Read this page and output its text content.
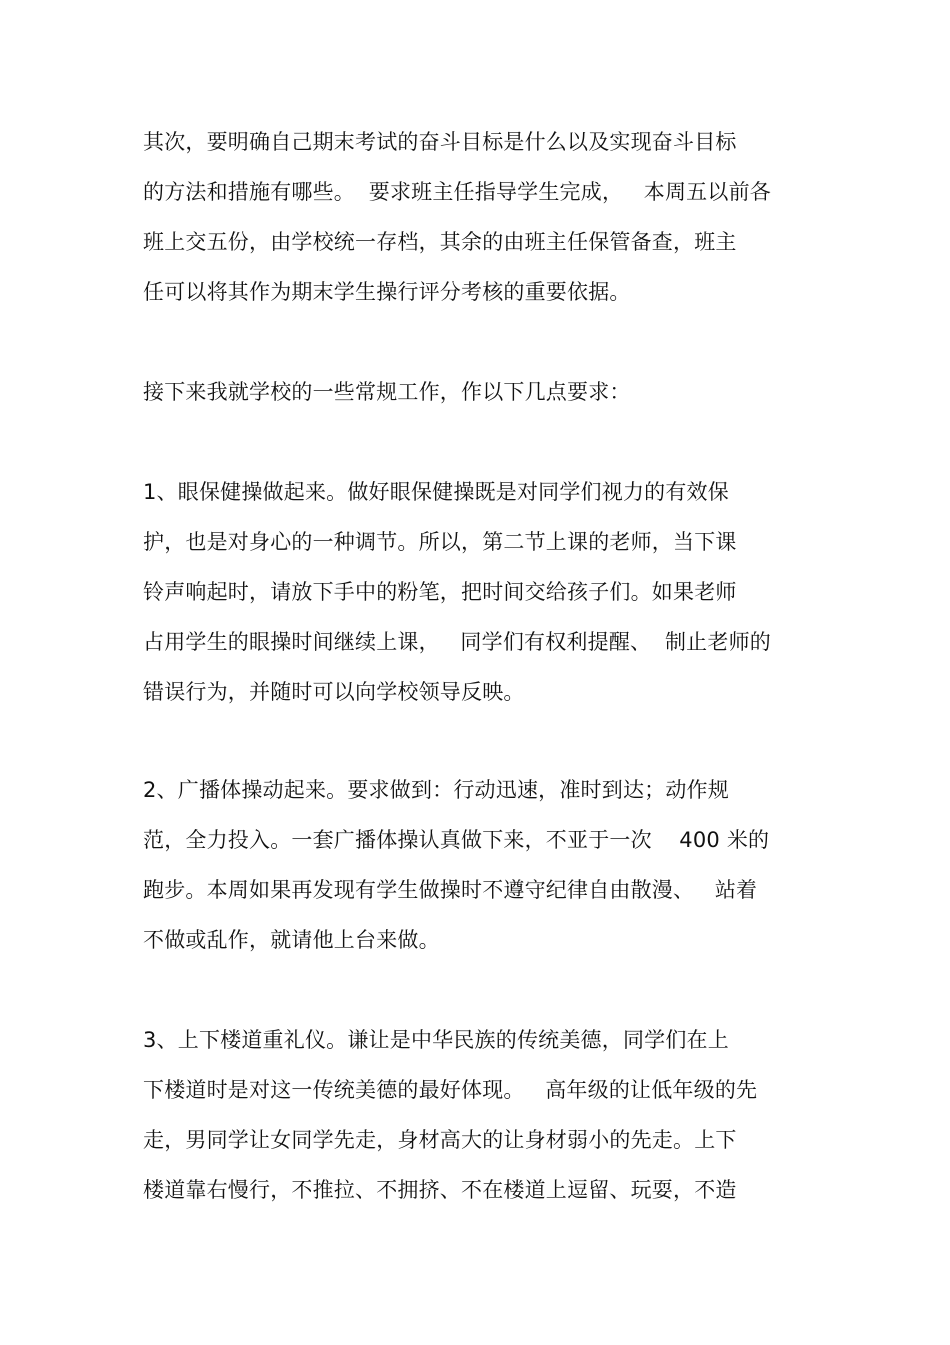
其次，要明确自己期末考试的奋斗目标是什么以及实现奋斗目标
的方法和措施有哪些。  要求班主任指导学生完成，   本周五以前各
班上交五份，由学校统一存档，其余的由班主任保管备查，班主
任可以将其作为期末学生操行评分考核的重要依据。
接下来我就学校的一些常规工作，作以下几点要求：
1、眼保健操做起来。做好眼保健操既是对同学们视力的有效保
护，也是对身心的一种调节。所以，第二节上课的老师，当下课
铃声响起时，请放下手中的粉笔，把时间交给孩子们。如果老师
占用学生的眼操时间继续上课，   同学们有权利提醒、  制止老师的
错误行为，并随时可以向学校领导反映。
2、广播体操动起来。要求做到：行动迅速，准时到达；动作规
范，全力投入。一套广播体操认真做下来，不亚于一次    400 米的
跑步。本周如果再发现有学生做操时不遵守纪律自由散漫、   站着
不做或乱作，就请他上台来做。
3、上下楼道重礼仪。谦让是中华民族的传统美德，同学们在上
下楼道时是对这一传统美德的最好体现。   高年级的让低年级的先
走，男同学让女同学先走，身材高大的让身材弱小的先走。上下
楼道靠右慢行，不推拉、不拥挤、不在楼道上逗留、玩耍，不造
